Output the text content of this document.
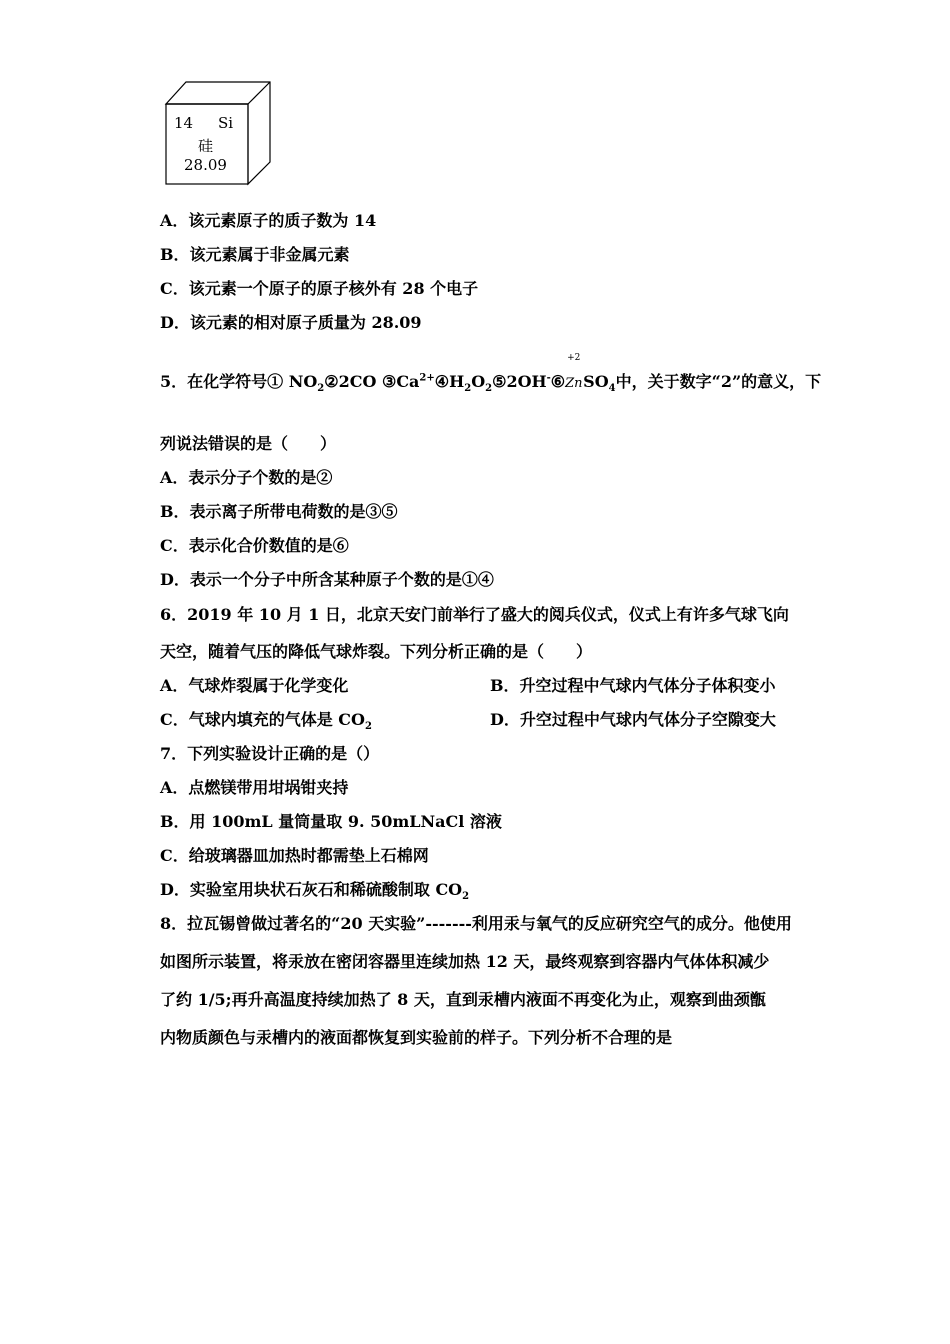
14 Si
硅
28.09
A．该元素原子的质子数为 14
B．该元素属于非金属元素
C．该元素一个原子的原子核外有 28 个电子
D．该元素的相对原子质量为 28.09
5．在化学符号① $NO_2②2CO$ $③Ca^{2+}④H_2O_2⑤2OH^-⑥$
+2
ZnSO$_4$中，关于数字“2”的意义，下
列说法错误的是（　　）
A．表示分子个数的是②
B．表示离子所带电荷数的是③⑤
C．表示化合价数值的是⑥
D．表示一个分子中所含某种原子个数的是①④
6．2019 年 10 月 1 日，北京天安门前举行了盛大的阅兵仪式，仪式上有许多气球飞向
天空，随着气压的降低气球炸裂。下列分析正确的是（　　）
A．气球炸裂属于化学变化	B．升空过程中气球内气体分子体积变小
C．气球内填充的气体是 $CO_2$	D．升空过程中气球内气体分子空隙变大
7．下列实验设计正确的是（）
A．点燃镁带用坩埚钳夹持
B．用 100mL 量筒量取 9. 50mLNaCl 溶液
C．给玻璃器皿加热时都需垫上石棉网
D．实验室用块状石灰石和稀硫酸制取 $CO_2$
8．拉瓦锡曾做过著名的“20 天实验”-------利用汞与氧气的反应研究空气的成分。他使用
如图所示装置，将汞放在密闭容器里连续加热 12 天，最终观察到容器内气体体积减少
了约 1/5;再升高温度持续加热了 8 天，直到汞槽内液面不再变化为止，观察到曲颈甑
内物质颜色与汞槽内的液面都恢复到实验前的样子。下列分析不合理的是
